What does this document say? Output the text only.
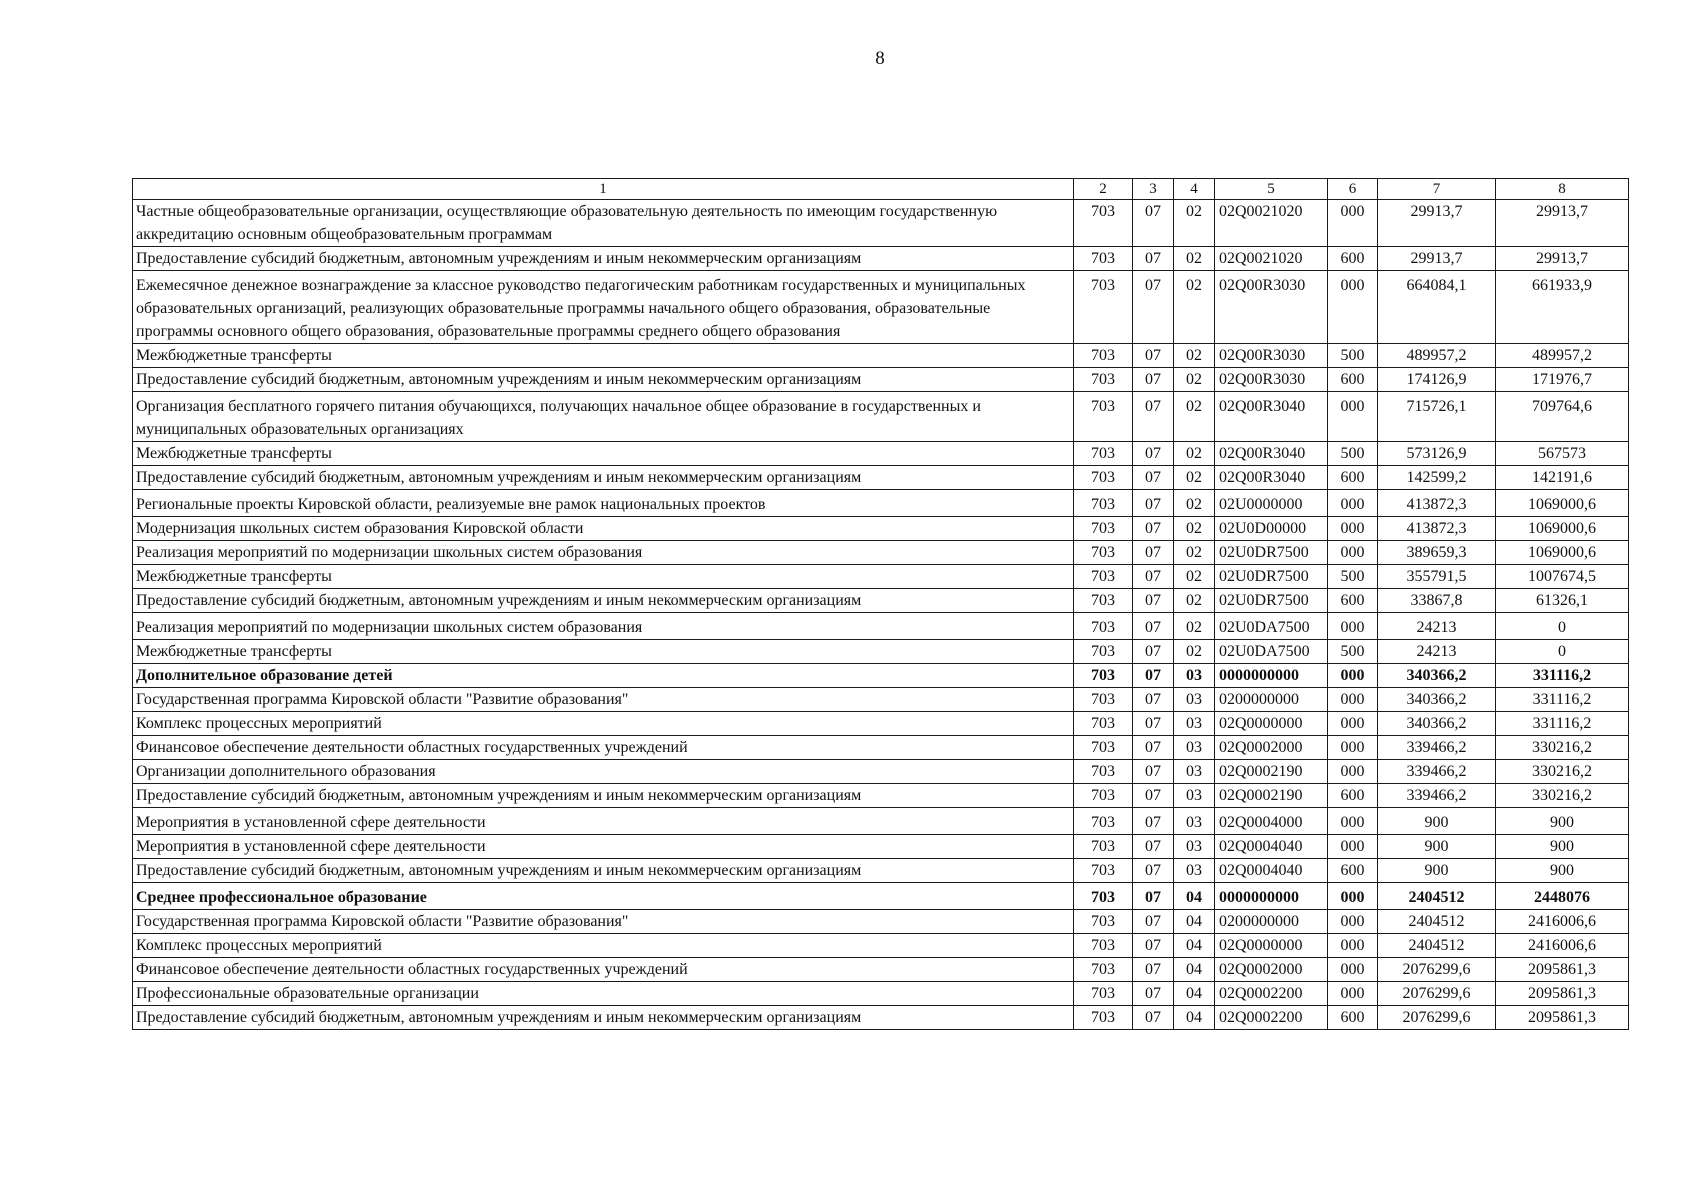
8
1	2	3	4	5	6	7	8
Частные общеобразовательные организации, осуществляющие образовательную деятельность по имеющим государственную аккредитацию основным общеобразовательным программам	703	07	02	02Q0021020	000	29913,7	29913,7
Предоставление субсидий бюджетным, автономным учреждениям и иным некоммерческим организациям	703	07	02	02Q0021020	600	29913,7	29913,7
Ежемесячное денежное вознаграждение за классное руководство педагогическим работникам государственных и муниципальных образовательных организаций, реализующих образовательные программы начального общего образования, образовательные программы основного общего образования, образовательные программы среднего общего образования	703	07	02	02Q00R3030	000	664084,1	661933,9
Межбюджетные трансферты	703	07	02	02Q00R3030	500	489957,2	489957,2
Предоставление субсидий бюджетным, автономным учреждениям и иным некоммерческим организациям	703	07	02	02Q00R3030	600	174126,9	171976,7
Организация бесплатного горячего питания обучающихся, получающих начальное общее образование в государственных и муниципальных образовательных организациях	703	07	02	02Q00R3040	000	715726,1	709764,6
Межбюджетные трансферты	703	07	02	02Q00R3040	500	573126,9	567573
Предоставление субсидий бюджетным, автономным учреждениям и иным некоммерческим организациям	703	07	02	02Q00R3040	600	142599,2	142191,6
Региональные проекты Кировской области, реализуемые вне рамок национальных проектов	703	07	02	02U0000000	000	413872,3	1069000,6
Модернизация школьных систем образования Кировской области	703	07	02	02U0D00000	000	413872,3	1069000,6
Реализация мероприятий по модернизации школьных систем образования	703	07	02	02U0DR7500	000	389659,3	1069000,6
Межбюджетные трансферты	703	07	02	02U0DR7500	500	355791,5	1007674,5
Предоставление субсидий бюджетным, автономным учреждениям и иным некоммерческим организациям	703	07	02	02U0DR7500	600	33867,8	61326,1
Реализация мероприятий по модернизации школьных систем образования	703	07	02	02U0DA7500	000	24213	0
Межбюджетные трансферты	703	07	02	02U0DA7500	500	24213	0
Дополнительное образование детей	703	07	03	0000000000	000	340366,2	331116,2
Государственная программа Кировской области "Развитие образования"	703	07	03	0200000000	000	340366,2	331116,2
Комплекс процессных мероприятий	703	07	03	02Q0000000	000	340366,2	331116,2
Финансовое обеспечение деятельности областных государственных учреждений	703	07	03	02Q0002000	000	339466,2	330216,2
Организации дополнительного образования	703	07	03	02Q0002190	000	339466,2	330216,2
Предоставление субсидий бюджетным, автономным учреждениям и иным некоммерческим организациям	703	07	03	02Q0002190	600	339466,2	330216,2
Мероприятия в установленной сфере деятельности	703	07	03	02Q0004000	000	900	900
Мероприятия в установленной сфере деятельности	703	07	03	02Q0004040	000	900	900
Предоставление субсидий бюджетным, автономным учреждениям и иным некоммерческим организациям	703	07	03	02Q0004040	600	900	900
Среднее профессиональное образование	703	07	04	0000000000	000	2404512	2448076
Государственная программа Кировской области "Развитие образования"	703	07	04	0200000000	000	2404512	2416006,6
Комплекс процессных мероприятий	703	07	04	02Q0000000	000	2404512	2416006,6
Финансовое обеспечение деятельности областных государственных учреждений	703	07	04	02Q0002000	000	2076299,6	2095861,3
Профессиональные образовательные организации	703	07	04	02Q0002200	000	2076299,6	2095861,3
Предоставление субсидий бюджетным, автономным учреждениям и иным некоммерческим организациям	703	07	04	02Q0002200	600	2076299,6	2095861,3
